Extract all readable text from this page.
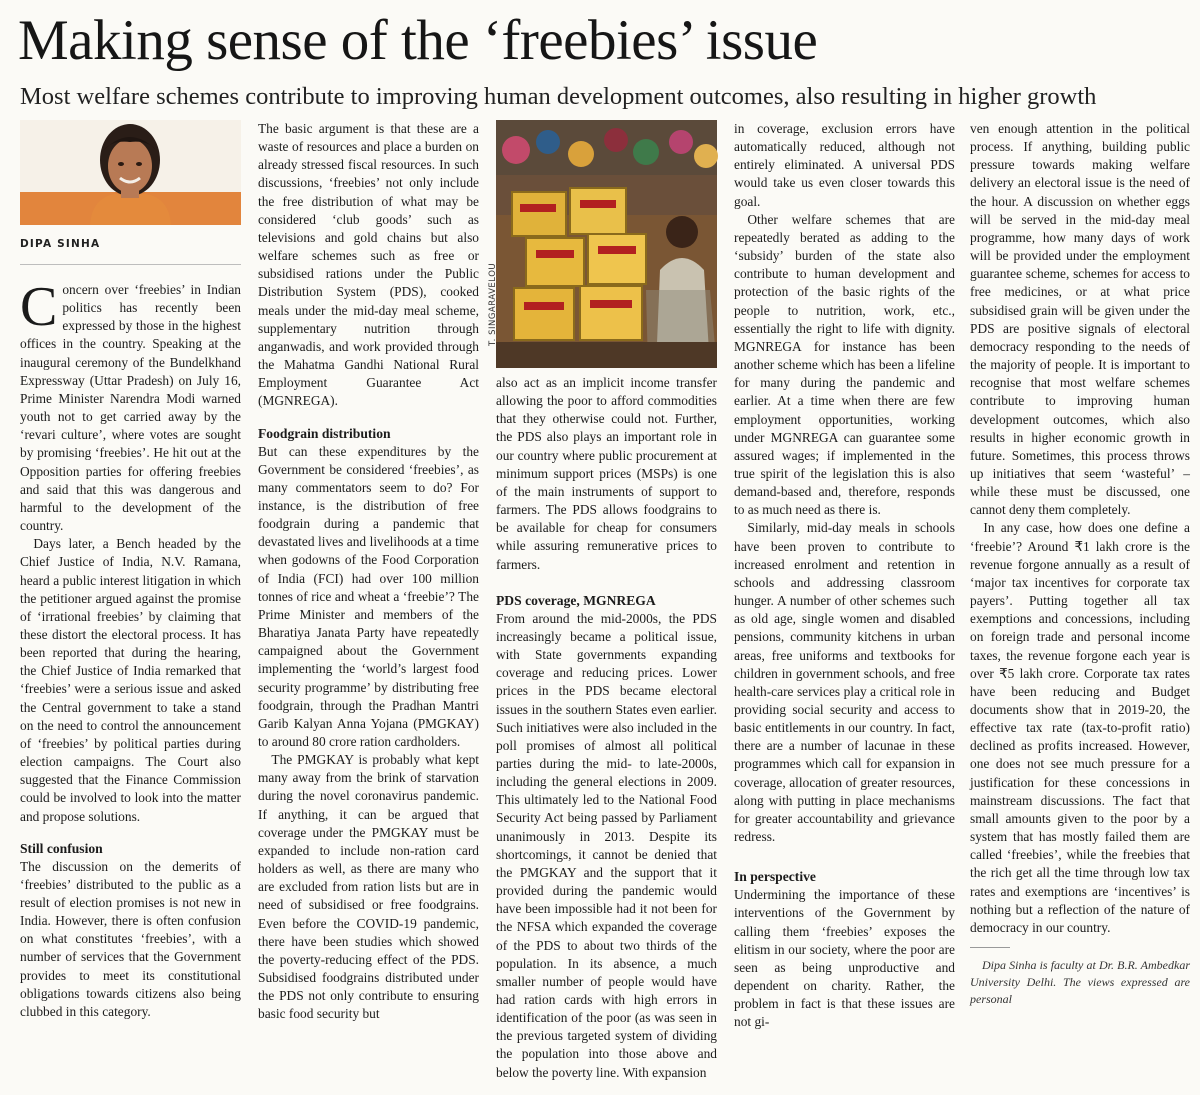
Making sense of the ‘freebies’ issue

Most welfare schemes contribute to improving human development outcomes, also resulting in higher growth

DIPA SINHA

Concern over ‘freebies’ in Indian politics has recently been expressed by those in the highest offices in the country. Speaking at the inaugural ceremony of the Bundelkhand Expressway (Uttar Pradesh) on July 16, Prime Minister Narendra Modi warned youth not to get carried away by the ‘revari culture’, where votes are sought by promising ‘freebies’. He hit out at the Opposition parties for offering freebies and said that this was dangerous and harmful to the development of the country.

Days later, a Bench headed by the Chief Justice of India, N.V. Ramana, heard a public interest litigation in which the petitioner argued against the promise of ‘irrational freebies’ by claiming that these distort the electoral process. It has been reported that during the hearing, the Chief Justice of India remarked that ‘freebies’ were a serious issue and asked the Central government to take a stand on the need to control the announcement of ‘freebies’ by political parties during election campaigns. The Court also suggested that the Finance Commission could be involved to look into the matter and propose solutions.

Still confusion

The discussion on the demerits of ‘freebies’ distributed to the public as a result of election promises is not new in India. However, there is often confusion on what constitutes ‘freebies’, with a number of services that the Government provides to meet its constitutional obligations towards citizens also being clubbed in this category.

The basic argument is that these are a waste of resources and place a burden on already stressed fiscal resources. In such discussions, ‘freebies’ not only include the free distribution of what may be considered ‘club goods’ such as televisions and gold chains but also welfare schemes such as free or subsidised rations under the Public Distribution System (PDS), cooked meals under the mid-day meal scheme, supplementary nutrition through anganwadis, and work provided through the Mahatma Gandhi National Rural Employment Guarantee Act (MGNREGA).

Foodgrain distribution

But can these expenditures by the Government be considered ‘freebies’, as many commentators seem to do? For instance, is the distribution of free foodgrain during a pandemic that devastated lives and livelihoods at a time when godowns of the Food Corporation of India (FCI) had over 100 million tonnes of rice and wheat a ‘freebie’? The Prime Minister and members of the Bharatiya Janata Party have repeatedly campaigned about the Government implementing the ‘world’s largest food security programme’ by distributing free foodgrain, through the Pradhan Mantri Garib Kalyan Anna Yojana (PMGKAY) to around 80 crore ration cardholders.

The PMGKAY is probably what kept many away from the brink of starvation during the novel coronavirus pandemic. If anything, it can be argued that coverage under the PMGKAY must be expanded to include non-ration card holders as well, as there are many who are excluded from ration lists but are in need of subsidised or free foodgrains. Even before the COVID-19 pandemic, there have been studies which showed the poverty-reducing effect of the PDS. Subsidised foodgrains distributed under the PDS not only contribute to ensuring basic food security but

T. SINGARAVELOU

also act as an implicit income transfer allowing the poor to afford commodities that they otherwise could not. Further, the PDS also plays an important role in our country where public procurement at minimum support prices (MSPs) is one of the main instruments of support to farmers. The PDS allows foodgrains to be available for cheap for consumers while assuring remunerative prices to farmers.

PDS coverage, MGNREGA

From around the mid-2000s, the PDS increasingly became a political issue, with State governments expanding coverage and reducing prices. Lower prices in the PDS became electoral issues in the southern States even earlier. Such initiatives were also included in the poll promises of almost all political parties during the mid- to late-2000s, including the general elections in 2009. This ultimately led to the National Food Security Act being passed by Parliament unanimously in 2013. Despite its shortcomings, it cannot be denied that the PMGKAY and the support that it provided during the pandemic would have been impossible had it not been for the NFSA which expanded the coverage of the PDS to about two thirds of the population. In its absence, a much smaller number of people would have had ration cards with high errors in identification of the poor (as was seen in the previous targeted system of dividing the population into those above and below the poverty line. With expansion

in coverage, exclusion errors have automatically reduced, although not entirely eliminated. A universal PDS would take us even closer towards this goal.

Other welfare schemes that are repeatedly berated as adding to the ‘subsidy’ burden of the state also contribute to human development and protection of the basic rights of the people to nutrition, work, etc., essentially the right to life with dignity. MGNREGA for instance has been another scheme which has been a lifeline for many during the pandemic and earlier. At a time when there are few employment opportunities, working under MGNREGA can guarantee some assured wages; if implemented in the true spirit of the legislation this is also demand-based and, therefore, responds to as much need as there is.

Similarly, mid-day meals in schools have been proven to contribute to increased enrolment and retention in schools and addressing classroom hunger. A number of other schemes such as old age, single women and disabled pensions, community kitchens in urban areas, free uniforms and textbooks for children in government schools, and free health-care services play a critical role in providing social security and access to basic entitlements in our country. In fact, there are a number of lacunae in these programmes which call for expansion in coverage, allocation of greater resources, along with putting in place mechanisms for greater accountability and grievance redress.

In perspective

Undermining the importance of these interventions of the Government by calling them ‘freebies’ exposes the elitism in our society, where the poor are seen as being unproductive and dependent on charity. Rather, the problem in fact is that these issues are not gi-

ven enough attention in the political process. If anything, building public pressure towards making welfare delivery an electoral issue is the need of the hour. A discussion on whether eggs will be served in the mid-day meal programme, how many days of work will be provided under the employment guarantee scheme, schemes for access to free medicines, or at what price subsidised grain will be given under the PDS are positive signals of electoral democracy responding to the needs of the majority of people. It is important to recognise that most welfare schemes contribute to improving human development outcomes, which also results in higher economic growth in future. Sometimes, this process throws up initiatives that seem ‘wasteful’ – while these must be discussed, one cannot deny them completely.

In any case, how does one define a ‘freebie’? Around ₹1 lakh crore is the revenue forgone annually as a result of ‘major tax incentives for corporate tax payers’. Putting together all tax exemptions and concessions, including on foreign trade and personal income taxes, the revenue forgone each year is over ₹5 lakh crore. Corporate tax rates have been reducing and Budget documents show that in 2019-20, the effective tax rate (tax-to-profit ratio) declined as profits increased. However, one does not see much pressure for a justification for these concessions in mainstream discussions. The fact that small amounts given to the poor by a system that has mostly failed them are called ‘freebies’, while the freebies that the rich get all the time through low tax rates and exemptions are ‘incentives’ is nothing but a reflection of the nature of democracy in our country.

Dipa Sinha is faculty at Dr. B.R. Ambedkar University Delhi. The views expressed are personal
